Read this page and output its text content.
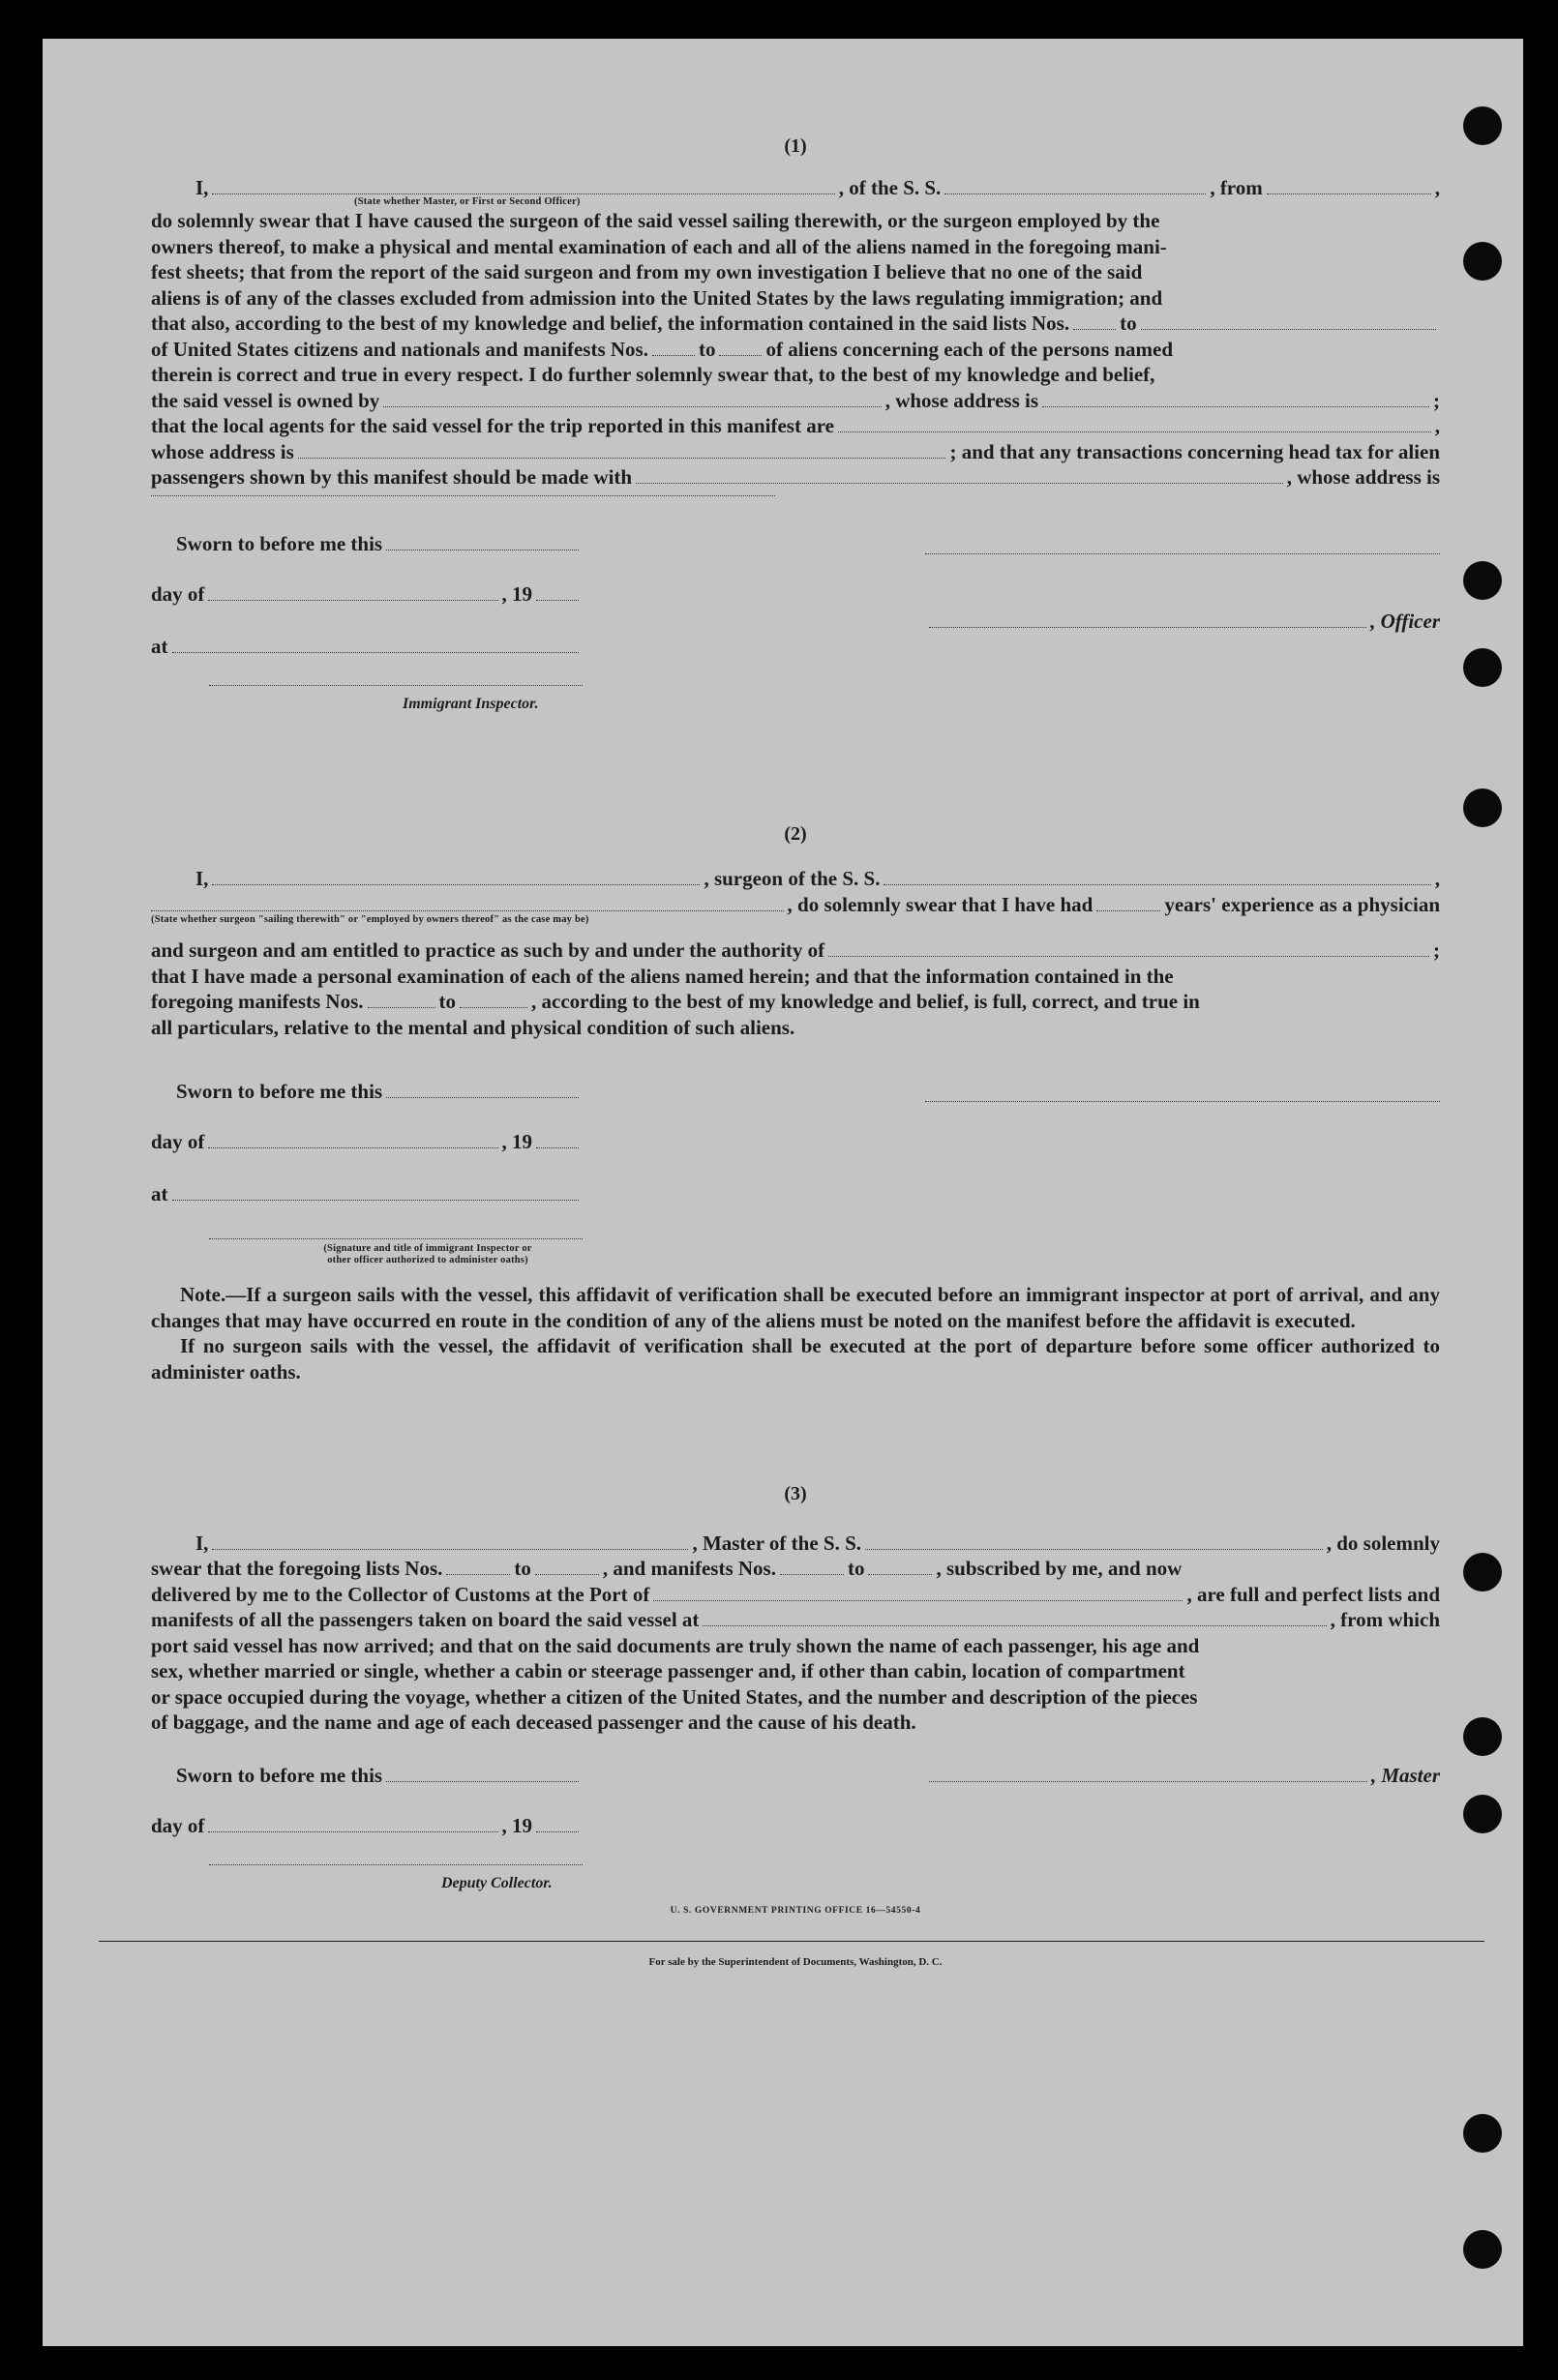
(1)
I,	, of the S. S.	, from	,
(State whether Master, or First or Second Officer)
do solemnly swear that I have caused the surgeon of the said vessel sailing therewith, or the surgeon employed by the
owners thereof, to make a physical and mental examination of each and all of the aliens named in the foregoing mani-
fest sheets; that from the report of the said surgeon and from my own investigation I believe that no one of the said
aliens is of any of the classes excluded from admission into the United States by the laws regulating immigration; and
that also, according to the best of my knowledge and belief, the information contained in the said lists Nos. to
of United States citizens and nationals and manifests Nos. to of aliens concerning each of the persons named
therein is correct and true in every respect. I do further solemnly swear that, to the best of my knowledge and belief,
the said vessel is owned by	, whose address is	;
that the local agents for the said vessel for the trip reported in this manifest are	,
whose address is	; and that any transactions concerning head tax for alien
passengers shown by this manifest should be made with	, whose address is
Sworn to before me this
day of	, 19
, Officer
at
Immigrant Inspector.
(2)
I,	, surgeon of the S. S.	,
, do solemnly swear that I have had	years' experience as a physician
(State whether surgeon "sailing therewith" or "employed by owners thereof" as the case may be)
and surgeon and am entitled to practice as such by and under the authority of	;
that I have made a personal examination of each of the aliens named herein; and that the information contained in the
foregoing manifests Nos.	to	, according to the best of my knowledge and belief, is full, correct, and true in
all particulars, relative to the mental and physical condition of such aliens.
Sworn to before me this
day of	, 19
at
(Signature and title of immigrant Inspector or
other officer authorized to administer oaths)

Note.—If a surgeon sails with the vessel, this affidavit of verification shall be executed before an immigrant inspector at port of arrival, and any changes that may have occurred en route in the condition of any of the aliens must be noted on the manifest before the affidavit is executed.

If no surgeon sails with the vessel, the affidavit of verification shall be executed at the port of departure before some officer authorized to administer oaths.

(3)
I,	, Master of the S. S.	, do solemnly
swear that the foregoing lists Nos.	to	, and manifests Nos.	to	, subscribed by me, and now
delivered by me to the Collector of Customs at the Port of	, are full and perfect lists and
manifests of all the passengers taken on board the said vessel at	, from which
port said vessel has now arrived; and that on the said documents are truly shown the name of each passenger, his age and
sex, whether married or single, whether a cabin or steerage passenger and, if other than cabin, location of compartment
or space occupied during the voyage, whether a citizen of the United States, and the number and description of the pieces
of baggage, and the name and age of each deceased passenger and the cause of his death.
Sworn to before me this	, Master
day of	, 19
Deputy Collector.
U. S. GOVERNMENT PRINTING OFFICE 16—54550-4
For sale by the Superintendent of Documents, Washington, D. C.
